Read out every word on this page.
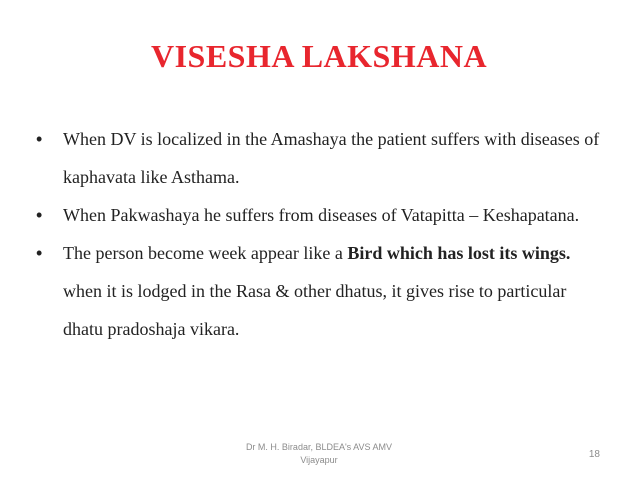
VISESHA LAKSHANA
• When DV is localized in the Amashaya the patient suffers with diseases of kaphavata like Asthama.
• When Pakwashaya he suffers from diseases of Vatapitta – Keshapatana.
• The person become week appear like a Bird which has lost its wings. when it is lodged in the Rasa & other dhatus, it gives rise to particular dhatu pradoshaja vikara.
Dr M. H. Biradar, BLDEA's AVS AMV
Vijayapur	18
